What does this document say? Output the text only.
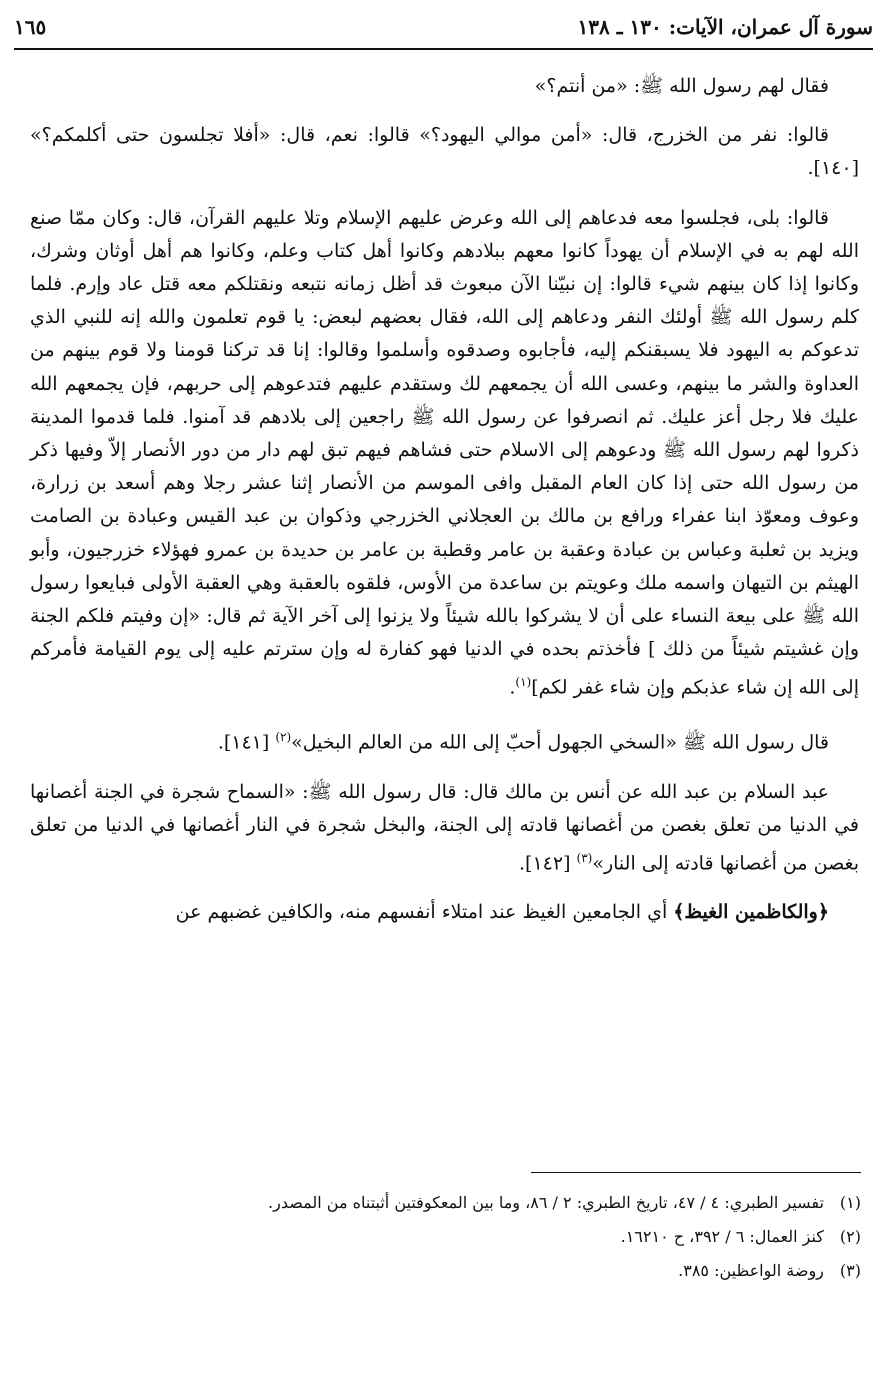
سورة آل عمران، الآيات: ١٣٠ ـ ١٣٨
١٦٥

فقال لهم رسول الله ﷺ: «من أنتم؟»

قالوا: نفر من الخزرج، قال: «أمن موالي اليهود؟» قالوا: نعم، قال: «أفلا تجلسون حتى أكلمكم؟» [١٤٠].

قالوا: بلى، فجلسوا معه فدعاهم إلى الله وعرض عليهم الإسلام وتلا عليهم القرآن، قال: وكان ممّا صنع الله لهم به في الإسلام أن يهوداً كانوا معهم ببلادهم وكانوا أهل كتاب وعلم، وكانوا هم أهل أوثان وشرك، وكانوا إذا كان بينهم شيء قالوا: إن نبيّنا الآن مبعوث قد أظل زمانه نتبعه ونقتلكم معه قتل عاد وإرم. فلما كلم رسول الله ﷺ أولئك النفر ودعاهم إلى الله، فقال بعضهم لبعض: يا قوم تعلمون والله إنه للنبي الذي تدعوكم به اليهود فلا يسبقنكم إليه، فأجابوه وصدقوه وأسلموا وقالوا: إنا قد تركنا قومنا ولا قوم بينهم من العداوة والشر ما بينهم، وعسى الله أن يجمعهم لك وستقدم عليهم فتدعوهم إلى حربهم، فإن يجمعهم الله عليك فلا رجل أعز عليك. ثم انصرفوا عن رسول الله ﷺ راجعين إلى بلادهم قد آمنوا. فلما قدموا المدينة ذكروا لهم رسول الله ﷺ ودعوهم إلى الاسلام حتى فشاهم فيهم تبق لهم دار من دور الأنصار إلاّ وفيها ذكر من رسول الله حتى إذا كان العام المقبل وافى الموسم من الأنصار إثنا عشر رجلا وهم أسعد بن زرارة، وعوف ومعوّذ ابنا عفراء ورافع بن مالك بن العجلاني الخزرجي وذكوان بن عبد القيس وعبادة بن الصامت ويزيد بن ثعلبة وعباس بن عبادة وعقبة بن عامر وقطبة بن عامر بن حديدة بن عمرو فهؤلاء خزرجيون، وأبو الهيثم بن التيهان واسمه ملك وعويتم بن ساعدة من الأوس، فلقوه بالعقبة وهي العقبة الأولى فبايعوا رسول الله ﷺ على بيعة النساء على أن لا يشركوا بالله شيئاً ولا يزنوا إلى آخر الآية ثم قال: «إن وفيتم فلكم الجنة وإن غشيتم شيئاً من ذلك ] فأخذتم بحده في الدنيا فهو كفارة له وإن سترتم عليه إلى يوم القيامة فأمركم إلى الله إن شاء عذبكم وإن شاء غفر لكم]$^{(١)}$.

قال رسول الله ﷺ «السخي الجهول أحبّ إلى الله من العالم البخيل»$^{(٢)}$ [١٤١].

عبد السلام بن عبد الله عن أنس بن مالك قال: قال رسول الله ﷺ: «السماح شجرة في الجنة أغصانها في الدنيا من تعلق بغصن من أغصانها قادته إلى الجنة، والبخل شجرة في النار أغصانها في الدنيا من تعلق بغصن من أغصانها قادته إلى النار»$^{(٣)}$ [١٤٢].

﴿والكاظمين الغيظ﴾ أي الجامعين الغيظ عند امتلاء أنفسهم منه، والكافين غضبهم عن

(١)
تفسير الطبري: ٤ / ٤٧، تاريخ الطبري: ٢ / ٨٦، وما بين المعكوفتين أثبتناه من المصدر.
(٢)
كنز العمال: ٦ / ٣٩٢، ح ١٦٢١٠.
(٣)
روضة الواعظين: ٣٨٥.
